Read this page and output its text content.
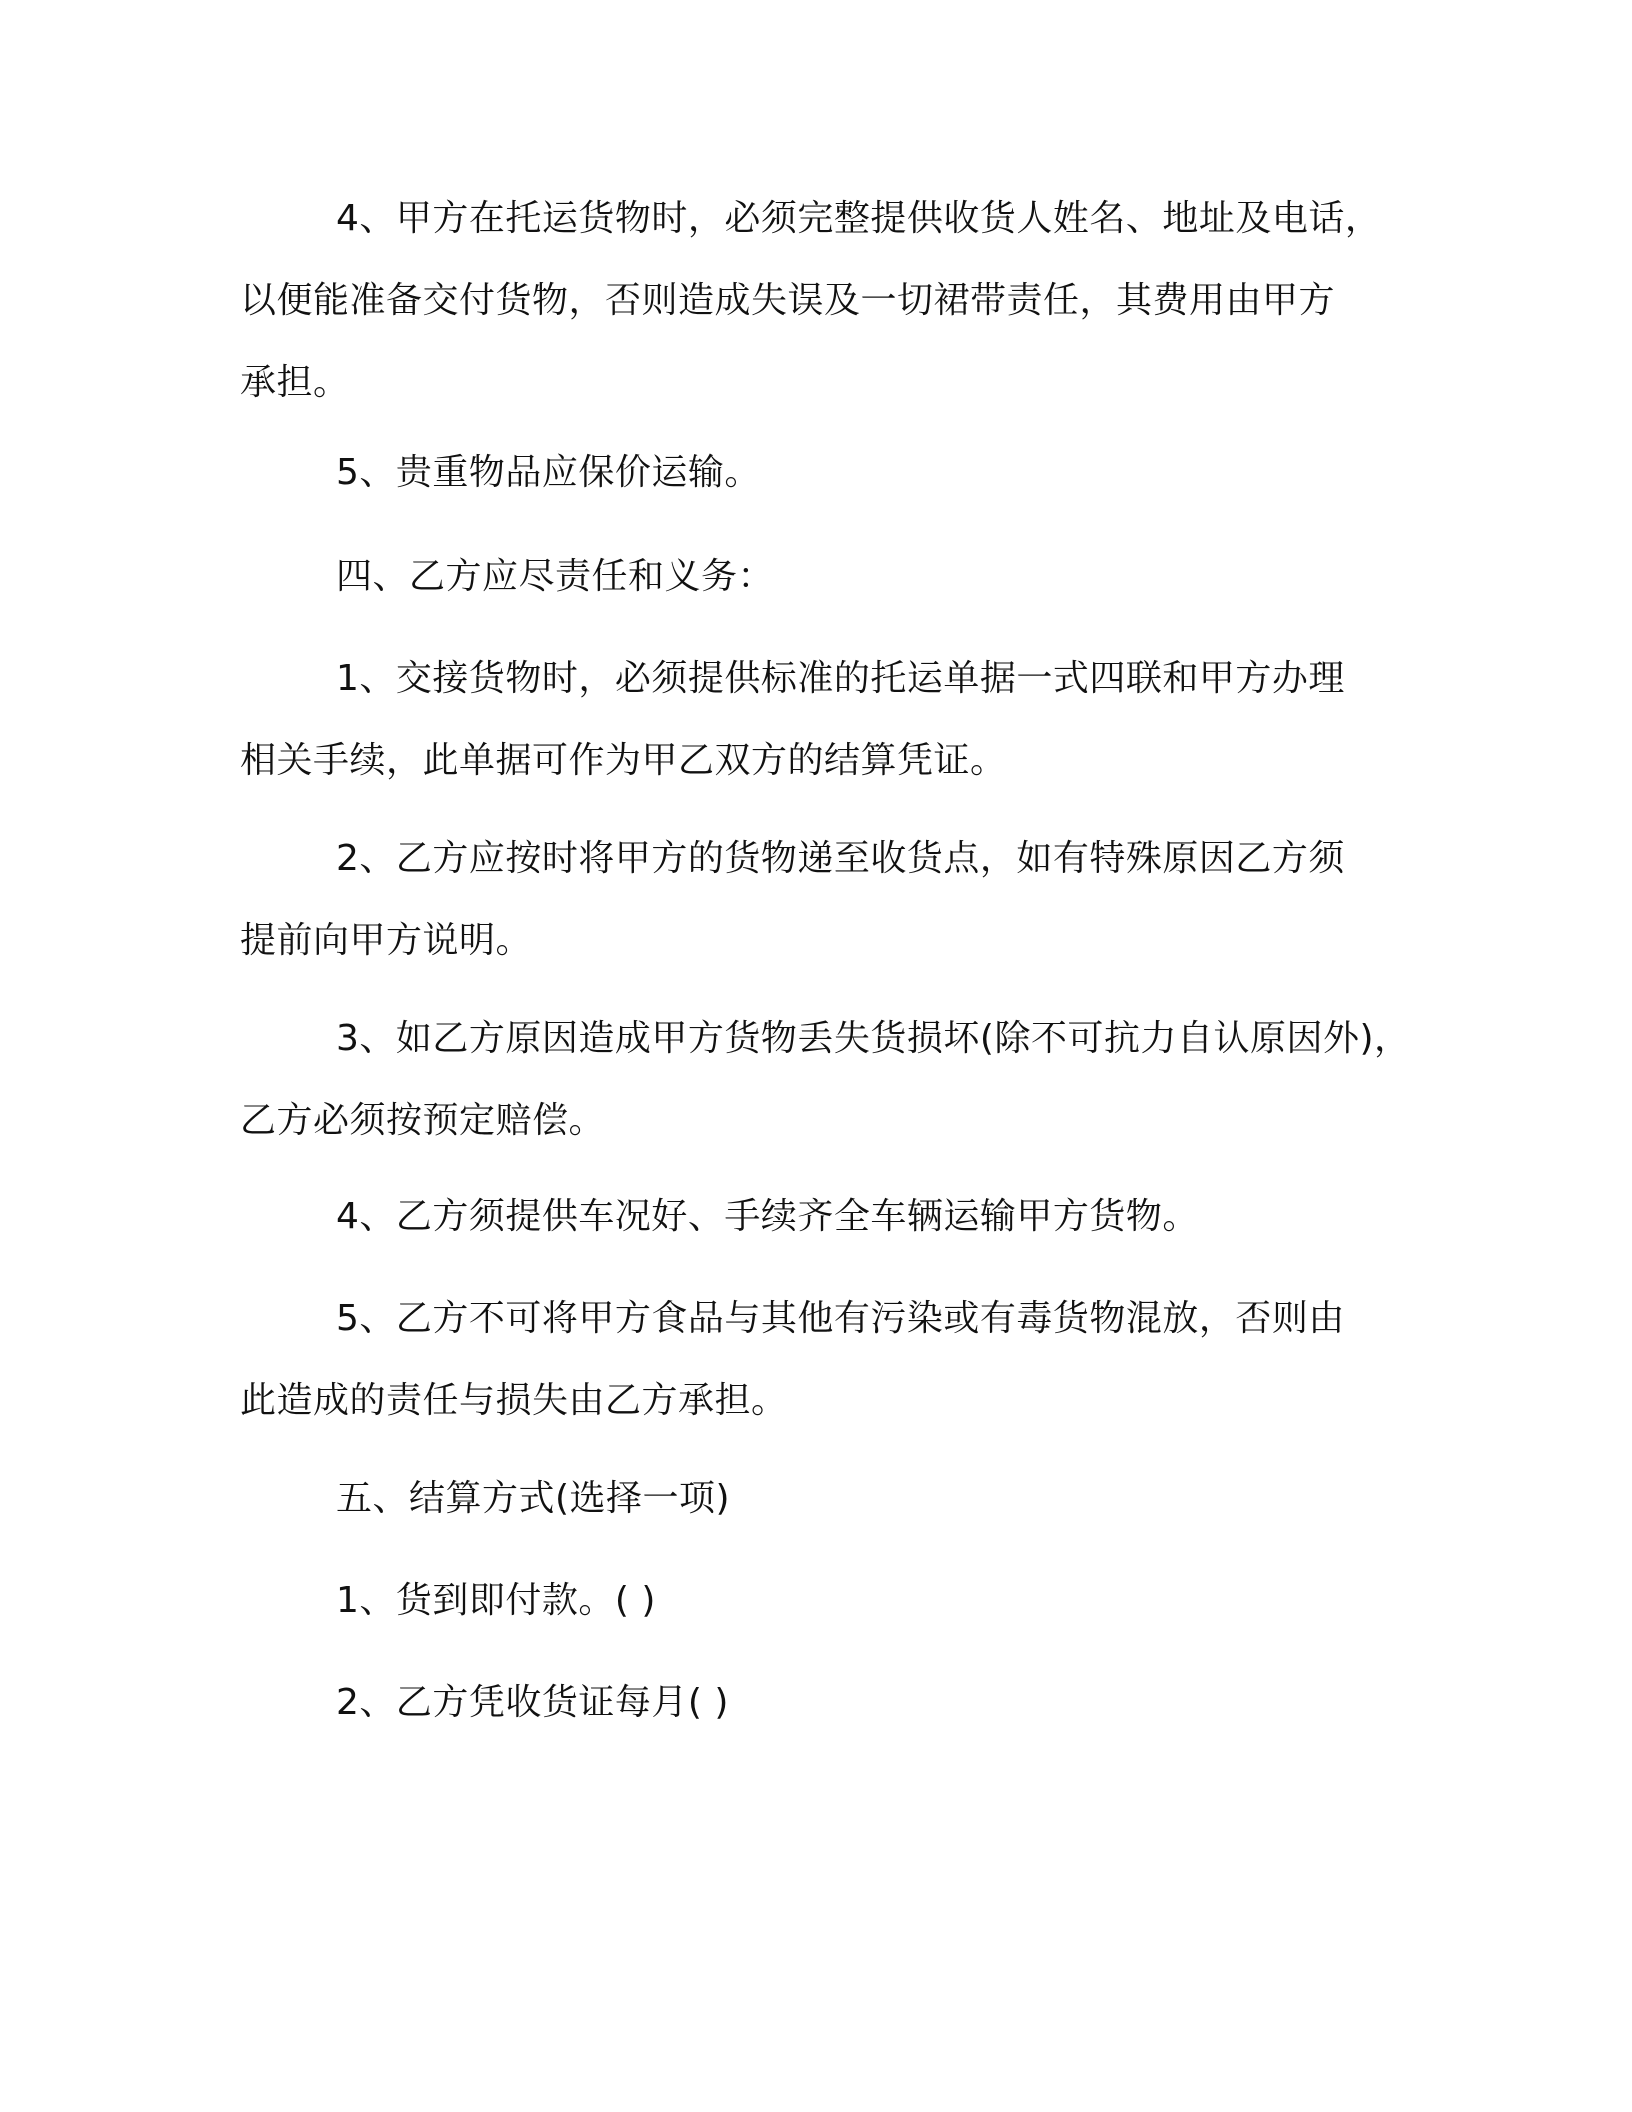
4、甲方在托运货物时，必须完整提供收货人姓名、地址及电话，
以便能准备交付货物，否则造成失误及一切裙带责任，其费用由甲方
承担。

5、贵重物品应保价运输。

四、乙方应尽责任和义务：

1、交接货物时，必须提供标准的托运单据一式四联和甲方办理
相关手续，此单据可作为甲乙双方的结算凭证。

2、乙方应按时将甲方的货物递至收货点，如有特殊原因乙方须
提前向甲方说明。

3、如乙方原因造成甲方货物丢失货损坏(除不可抗力自认原因外)，
乙方必须按预定赔偿。

4、乙方须提供车况好、手续齐全车辆运输甲方货物。

5、乙方不可将甲方食品与其他有污染或有毒货物混放，否则由
此造成的责任与损失由乙方承担。

五、结算方式(选择一项)

1、货到即付款。( )

2、乙方凭收货证每月( )
